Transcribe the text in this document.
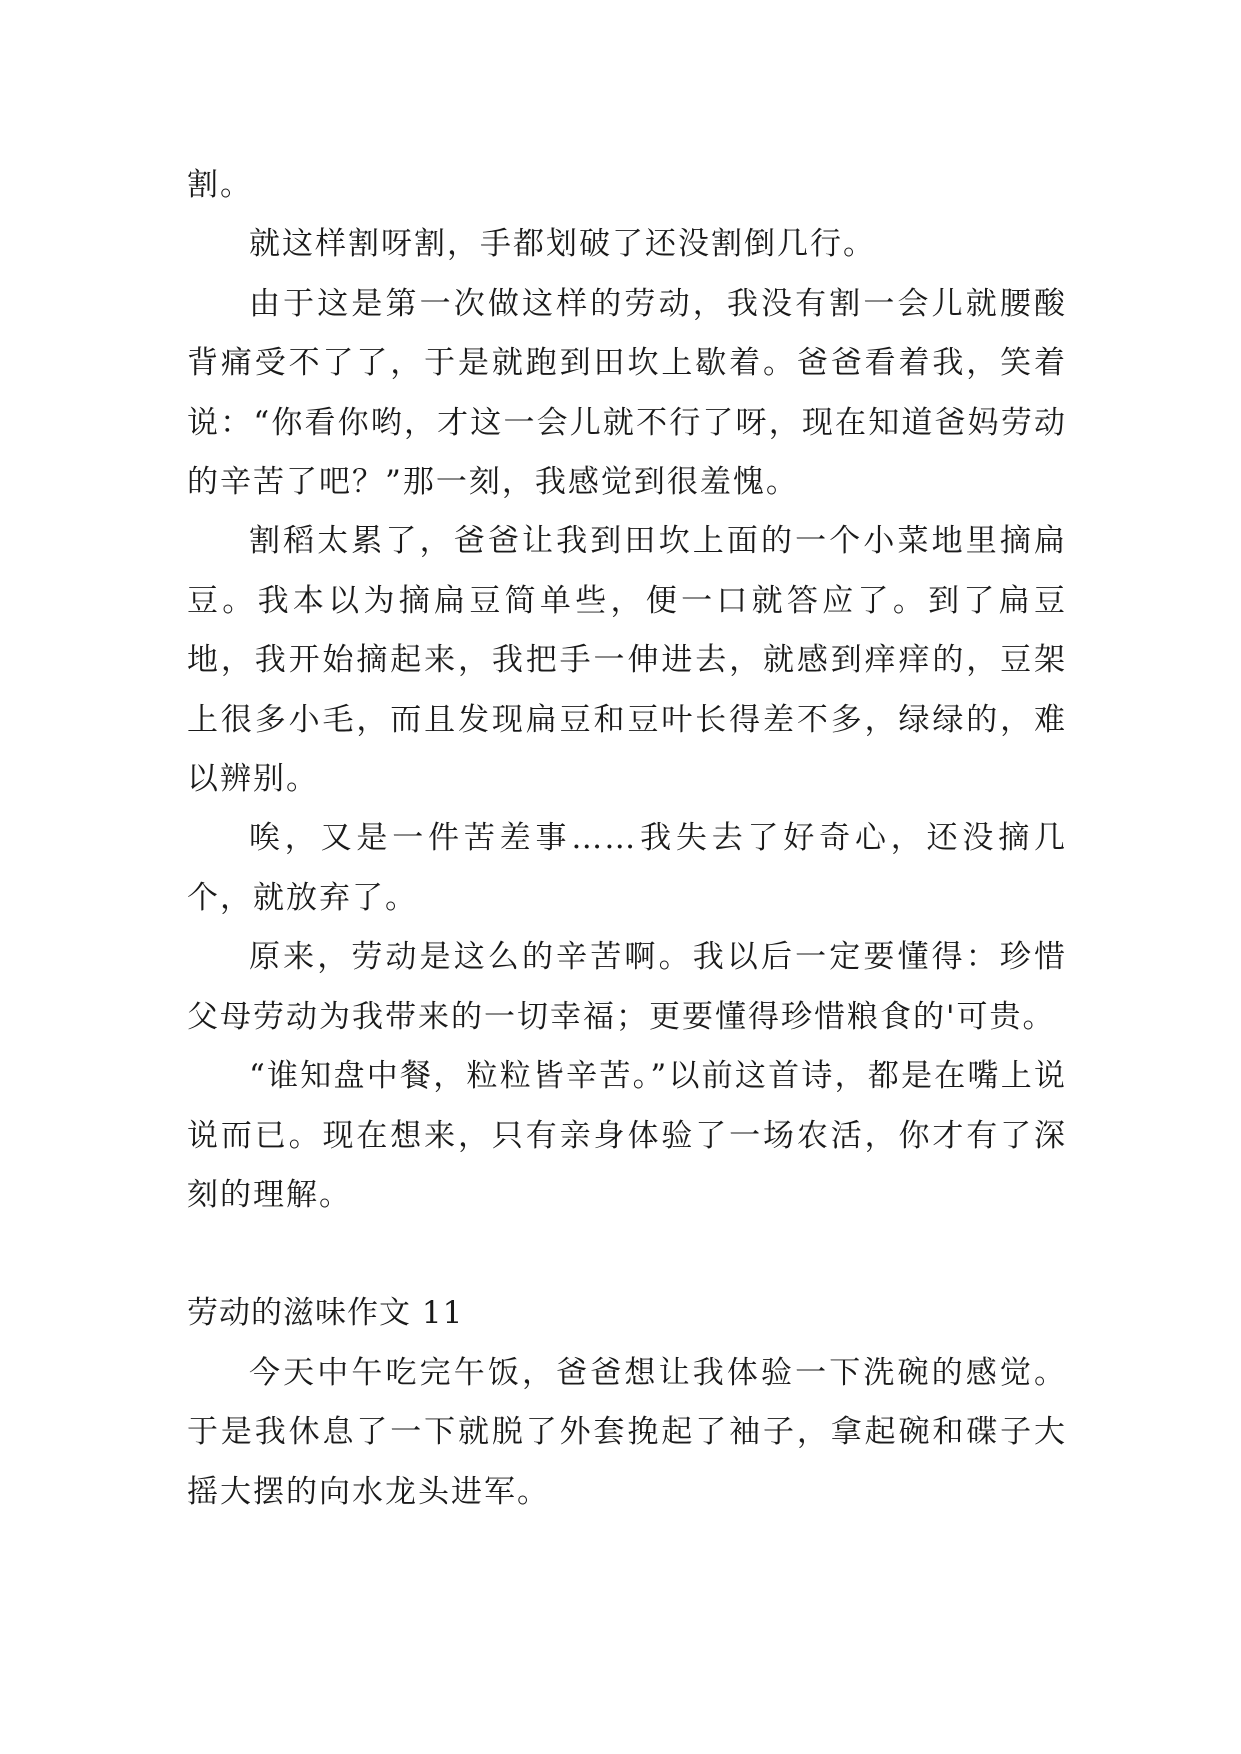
割。

就这样割呀割，手都划破了还没割倒几行。

由于这是第一次做这样的劳动，我没有割一会儿就腰酸背痛受不了了，于是就跑到田坎上歇着。爸爸看着我，笑着说：“你看你哟，才这一会儿就不行了呀，现在知道爸妈劳动的辛苦了吧？”那一刻，我感觉到很羞愧。

割稻太累了，爸爸让我到田坎上面的一个小菜地里摘扁豆。我本以为摘扁豆简单些，便一口就答应了。到了扁豆地，我开始摘起来，我把手一伸进去，就感到痒痒的，豆架上很多小毛，而且发现扁豆和豆叶长得差不多，绿绿的，难以辨别。

唉，又是一件苦差事……我失去了好奇心，还没摘几个，就放弃了。

原来，劳动是这么的辛苦啊。我以后一定要懂得：珍惜父母劳动为我带来的一切幸福；更要懂得珍惜粮食的'可贵。

“谁知盘中餐，粒粒皆辛苦。”以前这首诗，都是在嘴上说说而已。现在想来，只有亲身体验了一场农活，你才有了深刻的理解。

劳动的滋味作文 11

今天中午吃完午饭，爸爸想让我体验一下洗碗的感觉。于是我休息了一下就脱了外套挽起了袖子，拿起碗和碟子大摇大摆的向水龙头进军。
